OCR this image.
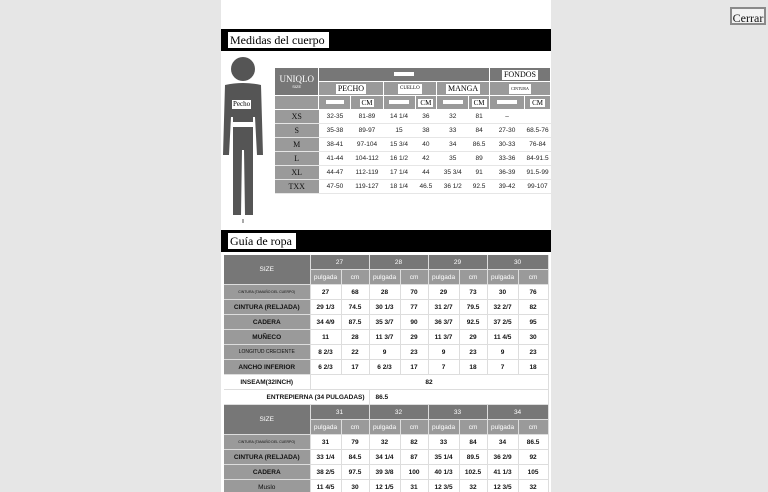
Cerrar
Medidas del cuerpo
Pecho
UNIQLO
SIZE							FONDOS	
	PECHO		CUELLO		MANGA		CINTURA	
		CM		CM		CM		CM
XS	32-35	81-89	14 1/4	36	32	81	–	
S	35-38	89-97	15	38	33	84	27-30	68.5-76
M	38-41	97-104	15 3/4	40	34	86.5	30-33	76-84
L	41-44	104-112	16 1/2	42	35	89	33-36	84-91.5
XL	44-47	112-119	17 1/4	44	35 3/4	91	36-39	91.5-99
TXX	47-50	119-127	18 1/4	46.5	36 1/2	92.5	39-42	99-107
Guía de ropa
SIZE	27		28		29		30	
	pulgada	cm	pulgada	cm	pulgada	cm	pulgada	cm
CINTURA (TAMAÑO DEL CUERPO)	27	68	28	70	29	73	30	76
CINTURA (RELJADA)	29 1/3	74.5	30 1/3	77	31 2/7	79.5	32 2/7	82
CADERA	34 4/9	87.5	35 3/7	90	36 3/7	92.5	37 2/5	95
MUÑECO	11	28	11 3/7	29	11 3/7	29	11 4/5	30
LONGITUD CRECIENTE	8 2/3	22	9	23	9	23	9	23
ANCHO INFERIOR	6 2/3	17	6 2/3	17	7	18	7	18
INSEAM(32INCH)	82							
ENTREPIERNA (34 PULGADAS)			86.5					
SIZE	31		32		33		34	
	pulgada	cm	pulgada	cm	pulgada	cm	pulgada	cm
CINTURA (TAMAÑO DEL CUERPO)	31	79	32	82	33	84	34	86.5
CINTURA (RELJADA)	33 1/4	84.5	34 1/4	87	35 1/4	89.5	36 2/9	92
CADERA	38 2/5	97.5	39 3/8	100	40 1/3	102.5	41 1/3	105
Muslo	11 4/5	30	12 1/5	31	12 3/5	32	12 3/5	32
